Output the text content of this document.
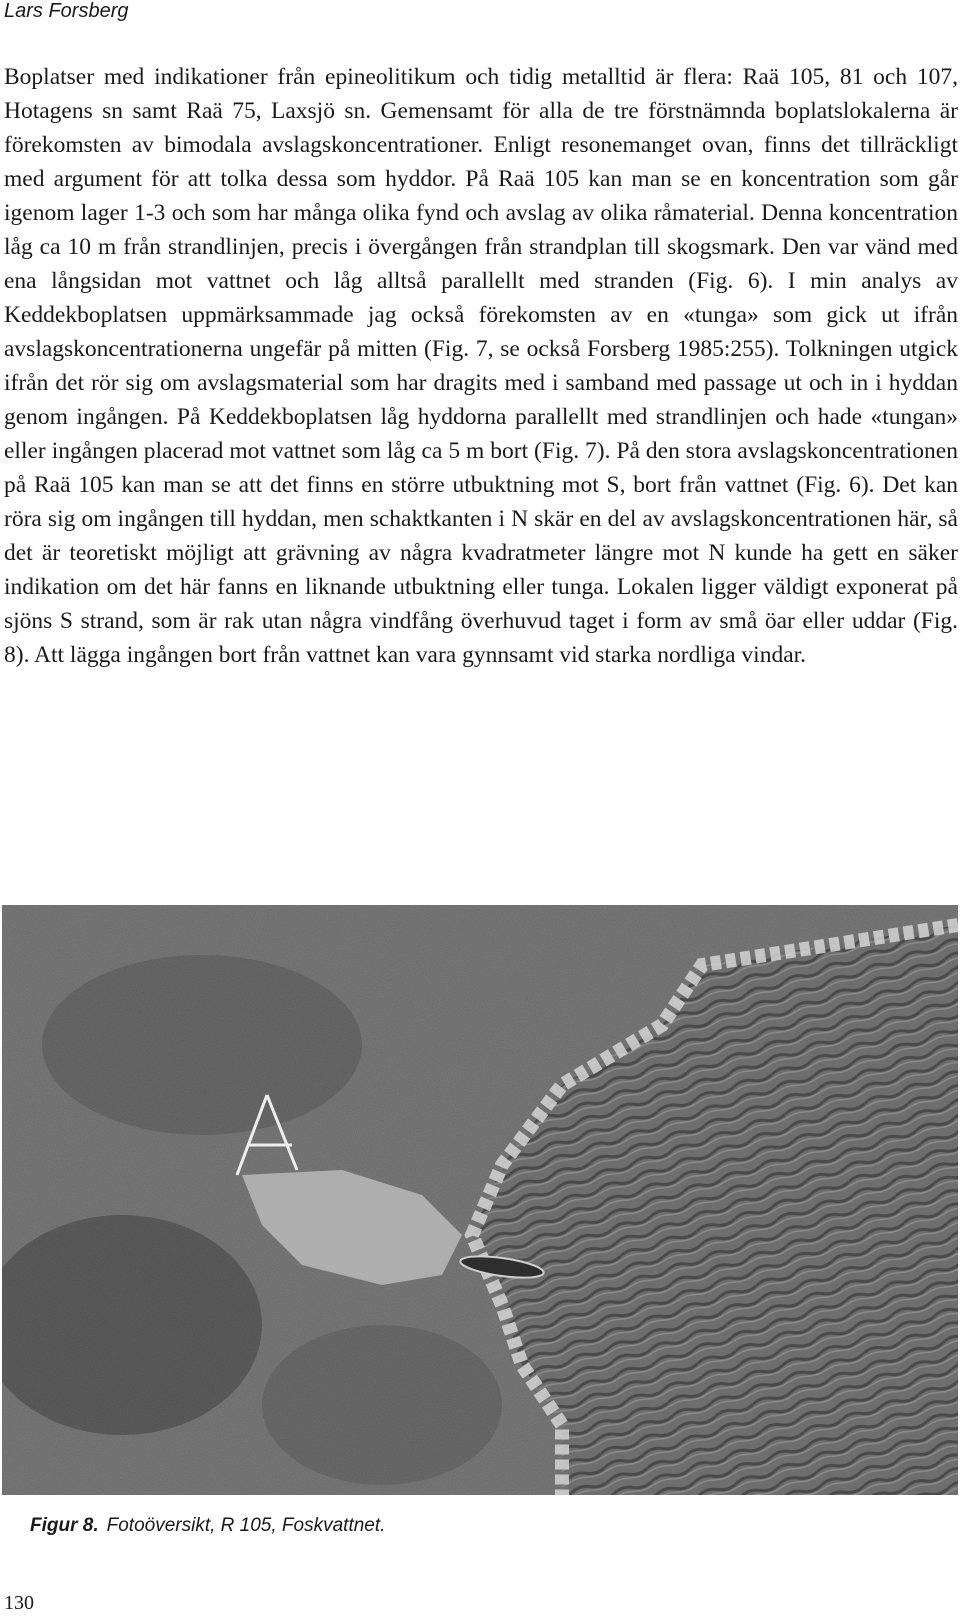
Lars Forsberg

Boplatser med indikationer från epineolitikum och tidig metalltid är flera: Raä 105, 81 och 107, Hotagens sn samt Raä 75, Laxsjö sn. Gemensamt för alla de tre förstnämnda boplatslokalerna är förekomsten av bimodala avslagskoncentrationer. Enligt resonemanget ovan, finns det tillräckligt med argument för att tolka dessa som hyddor. På Raä 105 kan man se en koncentration som går igenom lager 1-3 och som har många olika fynd och avslag av olika råmaterial. Denna koncentration låg ca 10 m från strandlinjen, precis i övergången från strandplan till skogsmark. Den var vänd med ena långsidan mot vattnet och låg alltså parallellt med stranden (Fig. 6). I min analys av Keddekboplatsen uppmärksammade jag också förekomsten av en «tunga» som gick ut ifrån avslagskoncentrationerna ungefär på mitten (Fig. 7, se också Forsberg 1985:255). Tolkningen utgick ifrån det rör sig om avslagsmaterial som har dragits med i samband med passage ut och in i hyddan genom ingången. På Keddekboplatsen låg hyddorna parallellt med strandlinjen och hade «tungan» eller ingången placerad mot vattnet som låg ca 5 m bort (Fig. 7). På den stora avslagskoncentrationen på Raä 105 kan man se att det finns en större utbuktning mot S, bort från vattnet (Fig. 6). Det kan röra sig om ingången till hyddan, men schaktkanten i N skär en del av avslagskoncentrationen här, så det är teoretiskt möjligt att grävning av några kvadratmeter längre mot N kunde ha gett en säker indikation om det här fanns en liknande utbuktning eller tunga. Lokalen ligger väldigt exponerat på sjöns S strand, som är rak utan några vindfång överhuvud taget i form av små öar eller uddar (Fig. 8). Att lägga ingången bort från vattnet kan vara gynnsamt vid starka nordliga vindar.

Figur 8. Fotoöversikt, R 105, Foskvattnet.
130
